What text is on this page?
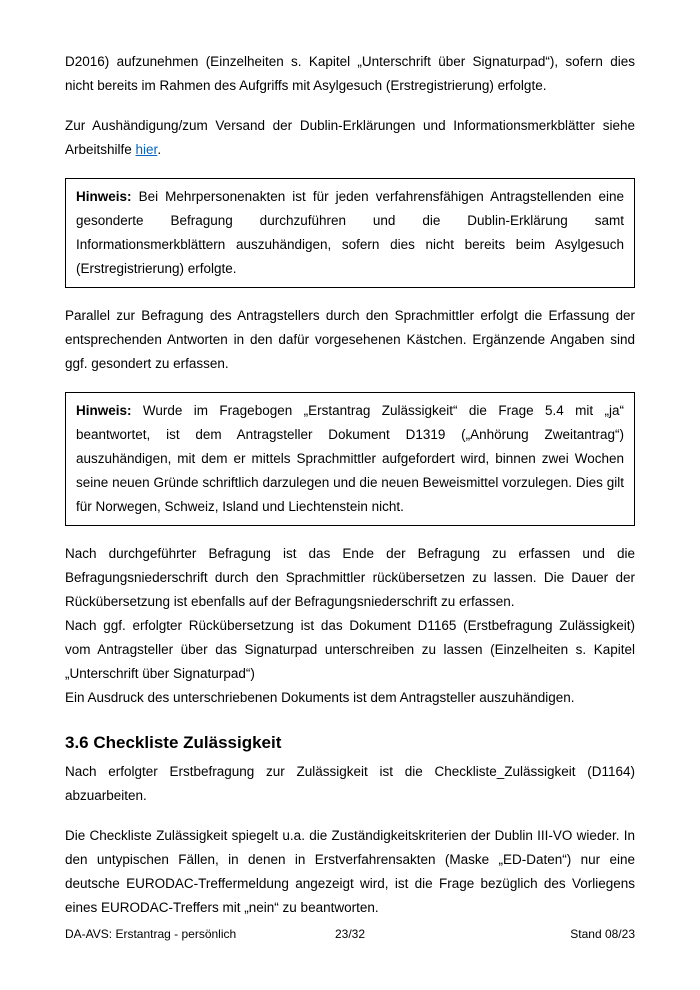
D2016) aufzunehmen (Einzelheiten s. Kapitel „Unterschrift über Signaturpad“), sofern dies nicht bereits im Rahmen des Aufgriffs mit Asylgesuch (Erstregistrierung) erfolgte.

Zur Aushändigung/zum Versand der Dublin-Erklärungen und Informationsmerkblätter siehe Arbeitshilfe hier.

Hinweis: Bei Mehrpersonenakten ist für jeden verfahrensfähigen Antragstellenden eine gesonderte Befragung durchzuführen und die Dublin-Erklärung samt Informationsmerkblättern auszuhändigen, sofern dies nicht bereits beim Asylgesuch (Erstregistrierung) erfolgte.

Parallel zur Befragung des Antragstellers durch den Sprachmittler erfolgt die Erfassung der entsprechenden Antworten in den dafür vorgesehenen Kästchen. Ergänzende Angaben sind ggf. gesondert zu erfassen.

Hinweis: Wurde im Fragebogen „Erstantrag Zulässigkeit“ die Frage 5.4 mit „ja“ beantwortet, ist dem Antragsteller Dokument D1319 („Anhörung Zweitantrag“) auszuhändigen, mit dem er mittels Sprachmittler aufgefordert wird, binnen zwei Wochen seine neuen Gründe schriftlich darzulegen und die neuen Beweismittel vorzulegen. Dies gilt für Norwegen, Schweiz, Island und Liechtenstein nicht.

Nach durchgeführter Befragung ist das Ende der Befragung zu erfassen und die Befragungsniederschrift durch den Sprachmittler rückübersetzen zu lassen. Die Dauer der Rückübersetzung ist ebenfalls auf der Befragungsniederschrift zu erfassen.

Nach ggf. erfolgter Rückübersetzung ist das Dokument D1165 (Erstbefragung Zulässigkeit) vom Antragsteller über das Signaturpad unterschreiben zu lassen (Einzelheiten s. Kapitel „Unterschrift über Signaturpad“)

Ein Ausdruck des unterschriebenen Dokuments ist dem Antragsteller auszuhändigen.

3.6 Checkliste Zulässigkeit

Nach erfolgter Erstbefragung zur Zulässigkeit ist die Checkliste_Zulässigkeit (D1164) abzuarbeiten.

Die Checkliste Zulässigkeit spiegelt u.a. die Zuständigkeitskriterien der Dublin III-VO wieder. In den untypischen Fällen, in denen in Erstverfahrensakten (Maske „ED-Daten“) nur eine deutsche EURODAC-Treffermeldung angezeigt wird, ist die Frage bezüglich des Vorliegens eines EURODAC-Treffers mit „nein“ zu beantworten.

DA-AVS: Erstantrag - persönlich	23/32	Stand 08/23
